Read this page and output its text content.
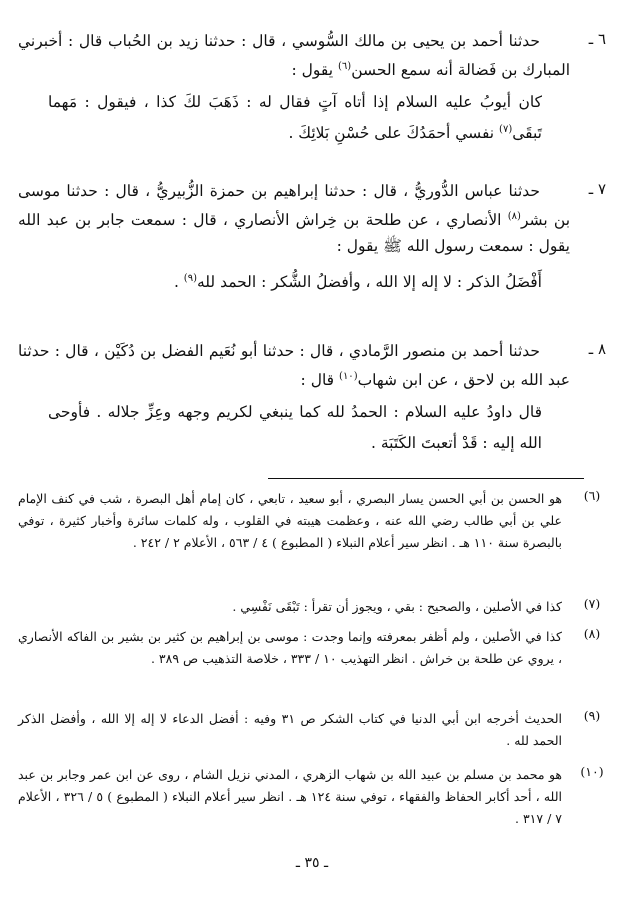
٦ ـ
حدثنا أحمد بن يحيى بن مالك السُّوسي ، قال : حدثنا زيد بن الحُباب قال : أخبرني المبارك بن فَضالة أنه سمع الحسن$^{(٦)}$ يقول :
كان أيوبُ عليه السلام إذا أتاه آتٍ فقال له : ذَهَبَ لكَ كذا ، فيقول : مَهما تَبقَى$^{(٧)}$ نفسي أحمَدُكَ على حُسْنِ بَلائِكَ .
٧ ـ
حدثنا عباس الدُّوريُّ ، قال : حدثنا إبراهيم بن حمزة الزُّبيريُّ ، قال : حدثنا موسى بن بشر$^{(٨)}$ الأنصاري ، عن طلحة بن خِراش الأنصاري ، قال : سمعت جابر بن عبد الله يقول : سمعت رسول الله ﷺ يقول :
أَفْضَلُ الذكر : لا إله إلا الله ، وأفضلُ الشُّكر : الحمد لله$^{(٩)}$ .
٨ ـ
حدثنا أحمد بن منصور الرَّمادي ، قال : حدثنا أبو نُعَيم الفضل بن دُكَيْن ، قال : حدثنا عبد الله بن لاحق ، عن ابن شهاب$^{(١٠)}$ قال :
قال داودُ عليه السلام : الحمدُ لله كما ينبغي لكريم وجهه وعِزِّ جلاله . فأوحى الله إليه : قَدْ أتعبتَ الكَتَبَة .
(٦)
هو الحسن بن أبي الحسن يسار البصري ، أبو سعيد ، تابعي ، كان إمام أهل البصرة ، شب في كنف الإمام علي بن أبي طالب رضي الله عنه ، وعظمت هيبته في القلوب ، وله كلمات سائرة وأخبار كثيرة ، توفي بالبصرة سنة ١١٠ هـ . انظر سير أعلام النبلاء ( المطبوع ) ٤ / ٥٦٣ ، الأعلام ٢ / ٢٤٢ .
(٧)
كذا في الأصلين ، والصحيح : بقي ، ويجوز أن تقرأ : تَبْقَى نَفْسِي .
(٨)
كذا في الأصلين ، ولم أظفر بمعرفته وإنما وجدت : موسى بن إبراهيم بن كثير بن بشير بن الفاكه الأنصاري ، يروي عن طلحة بن خراش . انظر التهذيب ١٠ / ٣٣٣ ، خلاصة التذهيب ص ٣٨٩ .
(٩)
الحديث أخرجه ابن أبي الدنيا في كتاب الشكر ص ٣١ وفيه : أفضل الدعاء لا إله إلا الله ، وأفضل الذكر الحمد لله .
(١٠)
هو محمد بن مسلم بن عبيد الله بن شهاب الزهري ، المدني نزيل الشام ، روى عن ابن عمر وجابر بن عبد الله ، أحد أكابر الحفاظ والفقهاء ، توفي سنة ١٢٤ هـ . انظر سير أعلام النبلاء ( المطبوع ) ٥ / ٣٢٦ ، الأعلام ٧ / ٣١٧ .
ـ ٣٥ ـ
